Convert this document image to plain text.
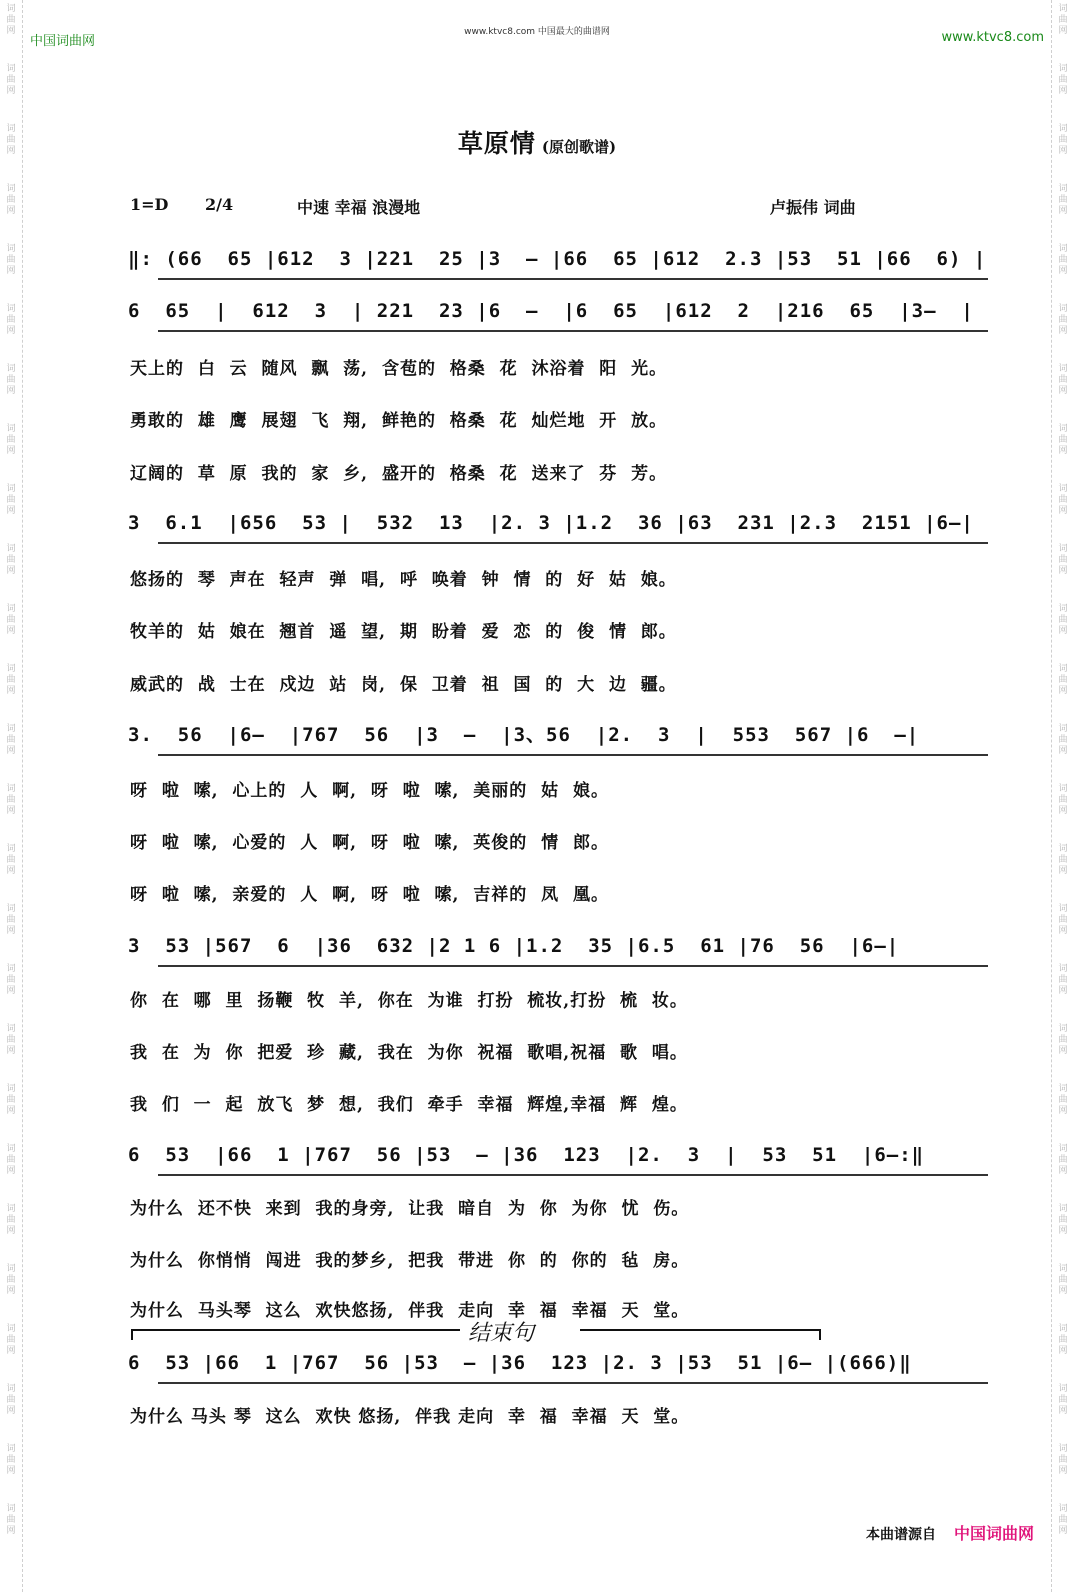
词
曲
网
词
曲
网
词
曲
网
词
曲
网
词
曲
网
词
曲
网
词
曲
网
词
曲
网
词
曲
网
词
曲
网
词
曲
网
词
曲
网
词
曲
网
词
曲
网
词
曲
网
词
曲
网
词
曲
网
词
曲
网
词
曲
网
词
曲
网
词
曲
网
词
曲
网
词
曲
网
词
曲
网
词
曲
网
词
曲
网
词
曲
网
词
曲
网
词
曲
网
词
曲
网
词
曲
网
词
曲
网
词
曲
网
词
曲
网
词
曲
网
词
曲
网
词
曲
网
词
曲
网
词
曲
网
词
曲
网
词
曲
网
词
曲
网
词
曲
网
词
曲
网
词
曲
网
词
曲
网
词
曲
网
词
曲
网
词
曲
网
词
曲
网
词
曲
网
词
曲
网
中国词曲网
www.ktvc8.com 中国最大的曲谱网	www.ktvc8.com
草原情 (原创歌谱)
1=D 2/4	中速 幸福 浪漫地	卢振伟 词曲
‖: (66  65 |612  3 |221  25 |3  — |66  65 |612  2.3 |53  51 |66  6) |
6  65  |  612  3  | 221  23 |6  —  |6  65  |612  2  |216  65  |3—  |
天上的  白  云  随风  飘  荡,  含苞的  格桑  花  沐浴着  阳  光。
勇敢的  雄  鹰  展翅  飞  翔,  鲜艳的  格桑  花  灿烂地  开  放。
辽阔的  草  原  我的  家  乡,  盛开的  格桑  花  送来了  芬  芳。
3  6.1  |656  53 |  532  13  |2. 3 |1.2  36 |63  231 |2.3  2151 |6—|
悠扬的  琴  声在  轻声  弹  唱,  呼  唤着  钟  情  的  好  姑  娘。
牧羊的  姑  娘在  翘首  遥  望,  期  盼着  爱  恋  的  俊  情  郎。
威武的  战  士在  戍边  站  岗,  保  卫着  祖  国  的  大  边  疆。
3.  56  |6—  |767  56  |3  —  |3、56  |2.  3  |  553  567 |6  —|
呀  啦  嗦,  心上的  人  啊,  呀  啦  嗦,  美丽的  姑  娘。
呀  啦  嗦,  心爱的  人  啊,  呀  啦  嗦,  英俊的  情  郎。
呀  啦  嗦,  亲爱的  人  啊,  呀  啦  嗦,  吉祥的  凤  凰。
3  53 |567  6  |36  632 |2 1 6 |1.2  35 |6.5  61 |76  56  |6—|
你  在  哪  里  扬鞭  牧  羊,  你在  为谁  打扮  梳妆,打扮  梳  妆。
我  在  为  你  把爱  珍  藏,  我在  为你  祝福  歌唱,祝福  歌  唱。
我  们  一  起  放飞  梦  想,  我们  牵手  幸福  辉煌,幸福  辉  煌。
6  53  |66  1 |767  56 |53  — |36  123  |2.  3  |  53  51  |6—:‖
为什么  还不快  来到  我的身旁,  让我  暗自  为  你  为你  忧  伤。
为什么  你悄悄  闯进  我的梦乡,  把我  带进  你  的  你的  毡  房。
为什么  马头琴  这么  欢快悠扬,  伴我  走向  幸  福  幸福  天  堂。
结束句
6  53 |66  1 |767  56 |53  — |36  123 |2. 3 |53  51 |6— |(666)‖
为什么 马头 琴  这么  欢快 悠扬,  伴我 走向  幸  福  幸福  天  堂。
本曲谱源自 中国词曲网
